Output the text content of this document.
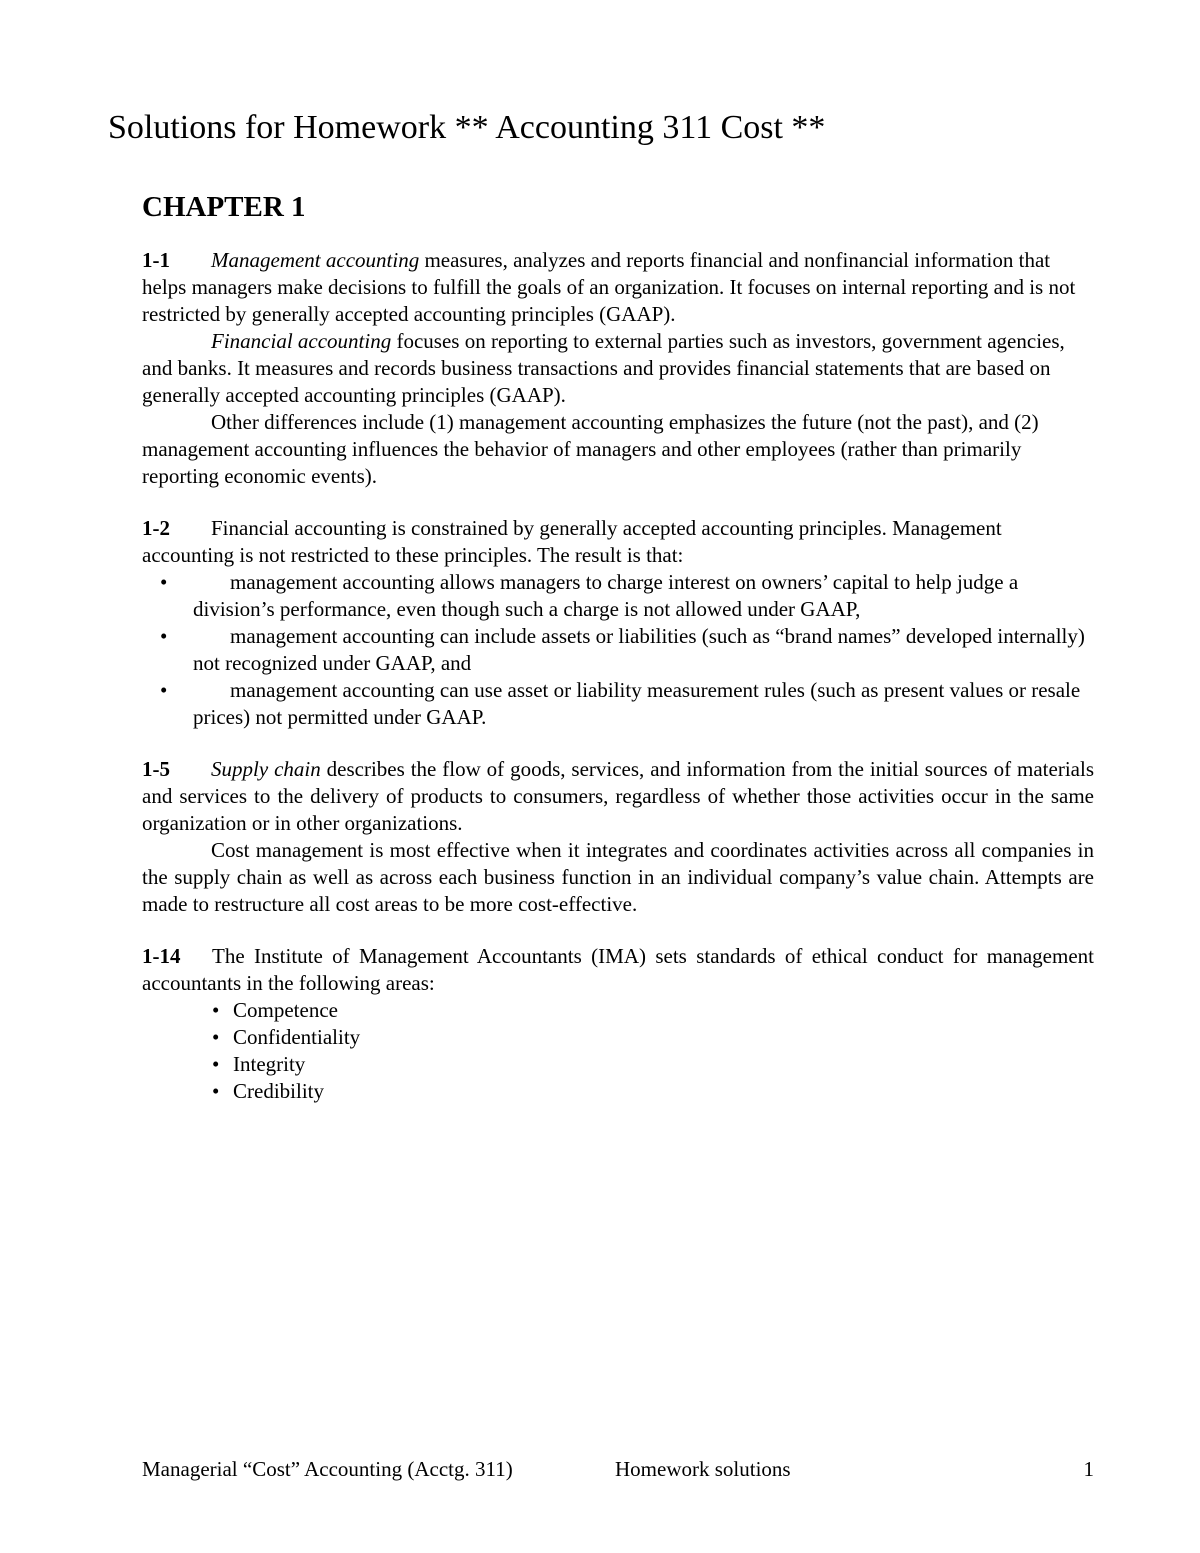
Solutions for Homework ** Accounting 311 Cost **
CHAPTER 1

1-1 Management accounting measures, analyzes and reports financial and nonfinancial information that helps managers make decisions to fulfill the goals of an organization. It focuses on internal reporting and is not restricted by generally accepted accounting principles (GAAP).

Financial accounting focuses on reporting to external parties such as investors, government agencies, and banks. It measures and records business transactions and provides financial statements that are based on generally accepted accounting principles (GAAP).

Other differences include (1) management accounting emphasizes the future (not the past), and (2) management accounting influences the behavior of managers and other employees (rather than primarily reporting economic events).

1-2 Financial accounting is constrained by generally accepted accounting principles. Management accounting is not restricted to these principles. The result is that:

•	management accounting allows managers to charge interest on owners’ capital to help judge a division’s performance, even though such a charge is not allowed under GAAP,
•	management accounting can include assets or liabilities (such as “brand names” developed internally) not recognized under GAAP, and
•	management accounting can use asset or liability measurement rules (such as present values or resale prices) not permitted under GAAP.

1-5 Supply chain describes the flow of goods, services, and information from the initial sources of materials and services to the delivery of products to consumers, regardless of whether those activities occur in the same organization or in other organizations.

Cost management is most effective when it integrates and coordinates activities across all companies in the supply chain as well as across each business function in an individual company’s value chain. Attempts are made to restructure all cost areas to be more cost-effective.

1-14 The Institute of Management Accountants (IMA) sets standards of ethical conduct for management accountants in the following areas:

• Competence
• Confidentiality
• Integrity
• Credibility
Managerial “Cost” Accounting (Acctg. 311)	Homework solutions	1
